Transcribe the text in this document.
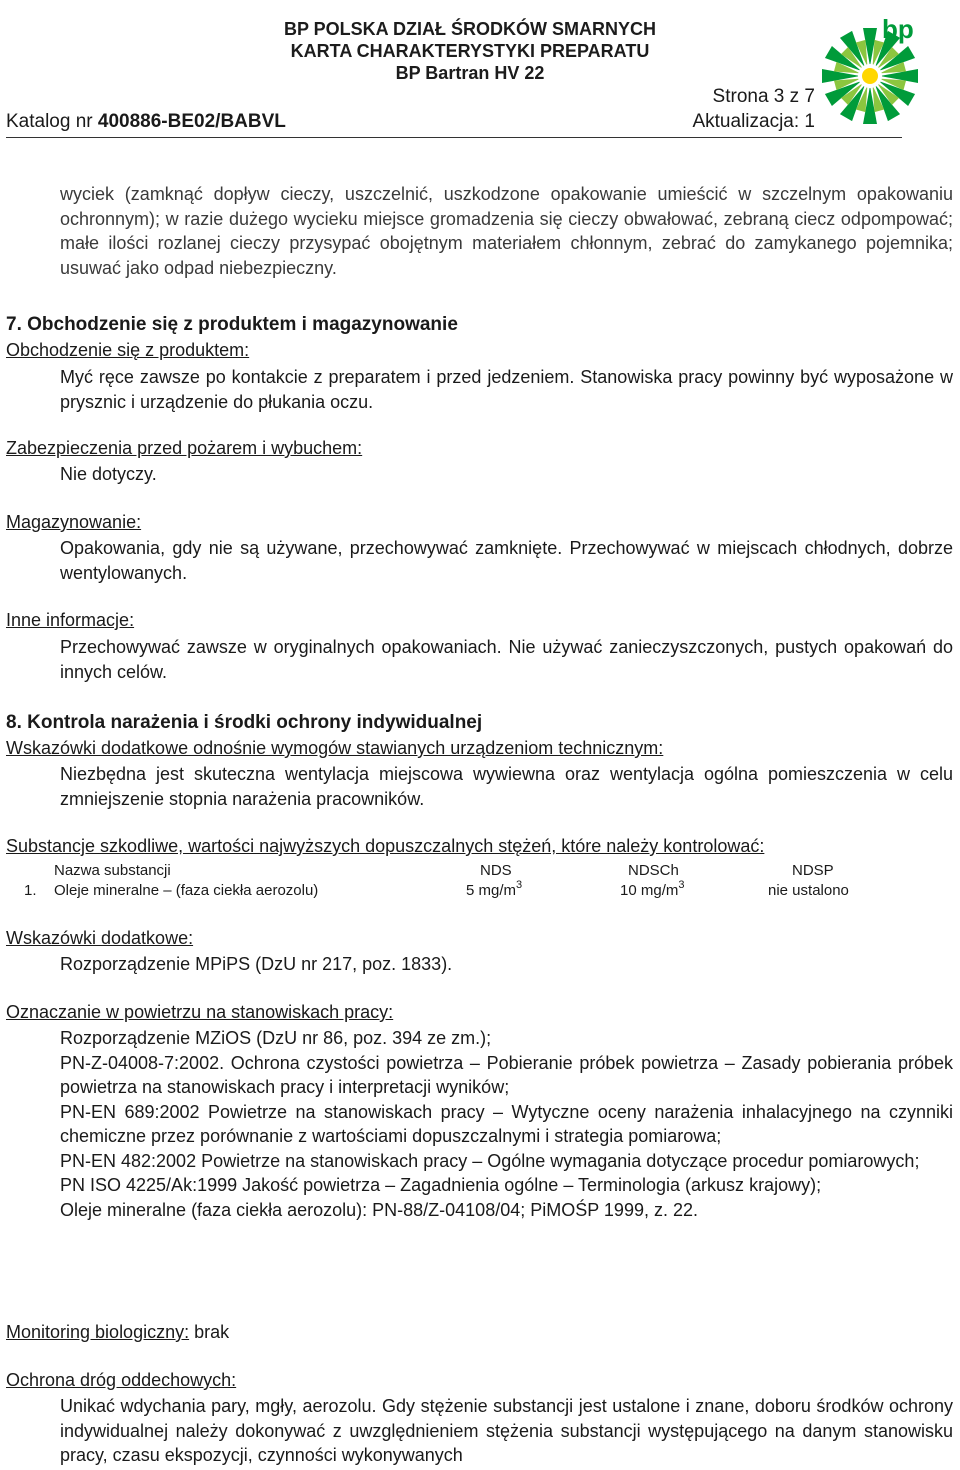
BP POLSKA DZIAŁ ŚRODKÓW SMARNYCH
KARTA CHARAKTERYSTYKI PREPARATU
BP Bartran HV 22
bp
Strona 3 z 7
Katalog nr 400886-BE02/BABVL	Aktualizacja: 1
wyciek (zamknąć dopływ cieczy, uszczelnić, uszkodzone opakowanie umieścić w szczelnym opakowaniu ochronnym); w razie dużego wycieku miejsce gromadzenia się cieczy obwałować, zebraną ciecz odpompować; małe ilości rozlanej cieczy przysypać obojętnym materiałem chłonnym, zebrać do zamykanego pojemnika; usuwać jako odpad niebezpieczny.
7. Obchodzenie się z produktem i magazynowanie
Obchodzenie się z produktem:
Myć ręce zawsze po kontakcie z preparatem i przed jedzeniem. Stanowiska pracy powinny być wyposażone w prysznic i urządzenie do płukania oczu.
Zabezpieczenia przed pożarem i wybuchem:
Nie dotyczy.
Magazynowanie:
Opakowania, gdy nie są używane, przechowywać zamknięte. Przechowywać w miejscach chłodnych, dobrze wentylowanych.
Inne informacje:
Przechowywać zawsze w oryginalnych opakowaniach. Nie używać zanieczyszczonych, pustych opakowań do innych celów.
8. Kontrola narażenia i środki ochrony indywidualnej
Wskazówki dodatkowe odnośnie wymogów stawianych urządzeniom technicznym:
Niezbędna jest skuteczna wentylacja miejscowa wywiewna oraz wentylacja ogólna pomieszczenia w celu zmniejszenie stopnia narażenia pracowników.
Substancje szkodliwe, wartości najwyższych dopuszczalnych stężeń, które należy kontrolować:
Nazwa substancji	NDS	NDSCh	NDSP
1. Oleje mineralne – (faza ciekła aerozolu)	5 $mg/m^3$	10 $mg/m^3$	nie ustalono
Wskazówki dodatkowe:
Rozporządzenie MPiPS (DzU nr 217, poz. 1833).
Oznaczanie w powietrzu na stanowiskach pracy:
Rozporządzenie MZiOS (DzU nr 86, poz. 394 ze zm.);
PN-Z-04008-7:2002. Ochrona czystości powietrza – Pobieranie próbek powietrza – Zasady pobierania próbek powietrza na stanowiskach pracy i interpretacji wyników;
PN-EN 689:2002 Powietrze na stanowiskach pracy – Wytyczne oceny narażenia inhalacyjnego na czynniki chemiczne przez porównanie z wartościami dopuszczalnymi i strategia pomiarowa;
PN-EN 482:2002 Powietrze na stanowiskach pracy – Ogólne wymagania dotyczące procedur pomiarowych;
PN ISO 4225/Ak:1999 Jakość powietrza – Zagadnienia ogólne – Terminologia (arkusz krajowy);
Oleje mineralne (faza ciekła aerozolu): PN-88/Z-04108/04; PiMOŚP 1999, z. 22.
Monitoring biologiczny: brak
Ochrona dróg oddechowych:
Unikać wdychania pary, mgły, aerozolu. Gdy stężenie substancji jest ustalone i znane, doboru środków ochrony indywidualnej należy dokonywać z uwzględnieniem stężenia substancji występującego na danym stanowisku pracy, czasu ekspozycji, czynności wykonywanych
